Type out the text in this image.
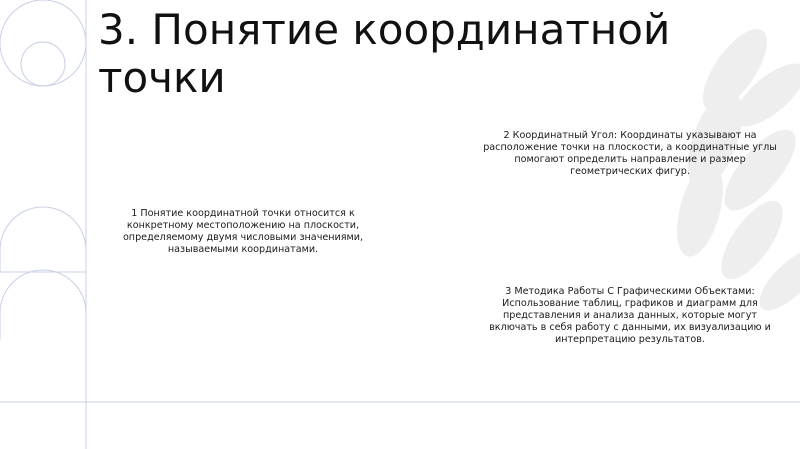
3. Понятие координатной точки
1 Понятие координатной точки относится к конкретному местоположению на плоскости, определяемому двумя числовыми значениями, называемыми координатами.
2 Координатный Угол: Координаты указывают на расположение точки на плоскости, а координатные углы помогают определить направление и размер геометрических фигур.
3 Методика Работы С Графическими Объектами: Использование таблиц, графиков и диаграмм для представления и анализа данных, которые могут включать в себя работу с данными, их визуализацию и интерпретацию результатов.
